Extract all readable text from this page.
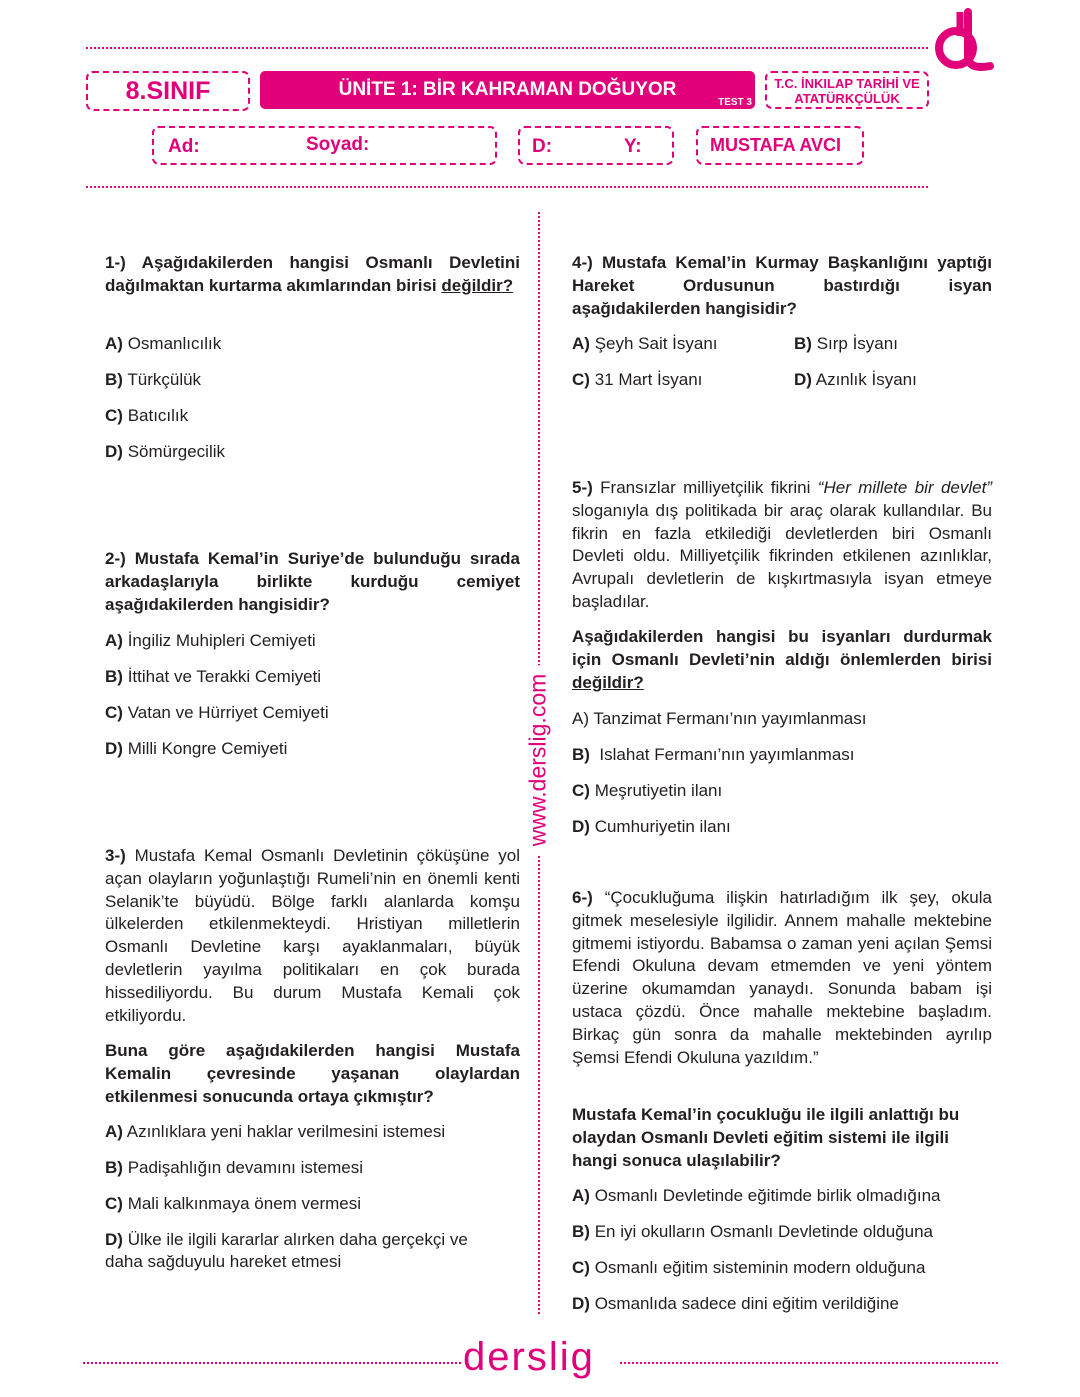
8.SINIF	ÜNİTE 1: BİR KAHRAMAN DOĞUYOR
TEST 3
T.C. İNKILAP TARİHİ VE
ATATÜRKÇÜLÜK
Ad:	Soyad:	D:	Y:	MUSTAFA AVCI
www.derslig.com
1-) Aşağıdakilerden hangisi Osmanlı Devletini dağılmaktan kurtarma akımlarından birisi değildir?
A) Osmanlıcılık
B) Türkçülük
C) Batıcılık
D) Sömürgecilik
2-) Mustafa Kemal’in Suriye’de bulunduğu sırada arkadaşlarıyla birlikte kurduğu cemiyet aşağıdakilerden hangisidir?
A) İngiliz Muhipleri Cemiyeti
B) İttihat ve Terakki Cemiyeti
C) Vatan ve Hürriyet Cemiyeti
D) Milli Kongre Cemiyeti
3-) Mustafa Kemal Osmanlı Devletinin çöküşüne yol açan olayların yoğunlaştığı Rumeli’nin en önemli kenti Selanik’te büyüdü. Bölge farklı alanlarda komşu ülkelerden etkilenmekteydi. Hristiyan milletlerin Osmanlı Devletine karşı ayaklanmaları, büyük devletlerin yayılma politikaları en çok burada hissediliyordu. Bu durum Mustafa Kemali çok etkiliyordu.
Buna göre aşağıdakilerden hangisi Mustafa Kemalin çevresinde yaşanan olaylardan etkilenmesi sonucunda ortaya çıkmıştır?
A) Azınlıklara yeni haklar verilmesini istemesi
B) Padişahlığın devamını istemesi
C) Mali kalkınmaya önem vermesi
D) Ülke ile ilgili kararlar alırken daha gerçekçi ve daha sağduyulu hareket etmesi
4-) Mustafa Kemal’in Kurmay Başkanlığını yaptığı Hareket Ordusunun bastırdığı isyan aşağıdakilerden hangisidir?
A) Şeyh Sait İsyanı	B) Sırp İsyanı
C) 31 Mart İsyanı	D) Azınlık İsyanı
5-) Fransızlar milliyetçilik fikrini “Her millete bir devlet” sloganıyla dış politikada bir araç olarak kullandılar. Bu fikrin en fazla etkilediği devletlerden biri Osmanlı Devleti oldu. Milliyetçilik fikrinden etkilenen azınlıklar, Avrupalı devletlerin de kışkırtmasıyla isyan etmeye başladılar.
Aşağıdakilerden hangisi bu isyanları durdurmak için Osmanlı Devleti’nin aldığı önlemlerden birisi değildir?
A) Tanzimat Fermanı’nın yayımlanması
B) Islahat Fermanı’nın yayımlanması
C) Meşrutiyetin ilanı
D) Cumhuriyetin ilanı
6-) “Çocukluğuma ilişkin hatırladığım ilk şey, okula gitmek meselesiyle ilgilidir. Annem mahalle mektebine gitmemi istiyordu. Babamsa o zaman yeni açılan Şemsi Efendi Okuluna devam etmemden ve yeni yöntem üzerine okumamdan yanaydı. Sonunda babam işi ustaca çözdü. Önce mahalle mektebine başladım. Birkaç gün sonra da mahalle mektebinden ayrılıp Şemsi Efendi Okuluna yazıldım.”
Mustafa Kemal’in çocukluğu ile ilgili anlattığı bu olaydan Osmanlı Devleti eğitim sistemi ile ilgili hangi sonuca ulaşılabilir?
A) Osmanlı Devletinde eğitimde birlik olmadığına
B) En iyi okulların Osmanlı Devletinde olduğuna
C) Osmanlı eğitim sisteminin modern olduğuna
D) Osmanlıda sadece dini eğitim verildiğine
derslig
